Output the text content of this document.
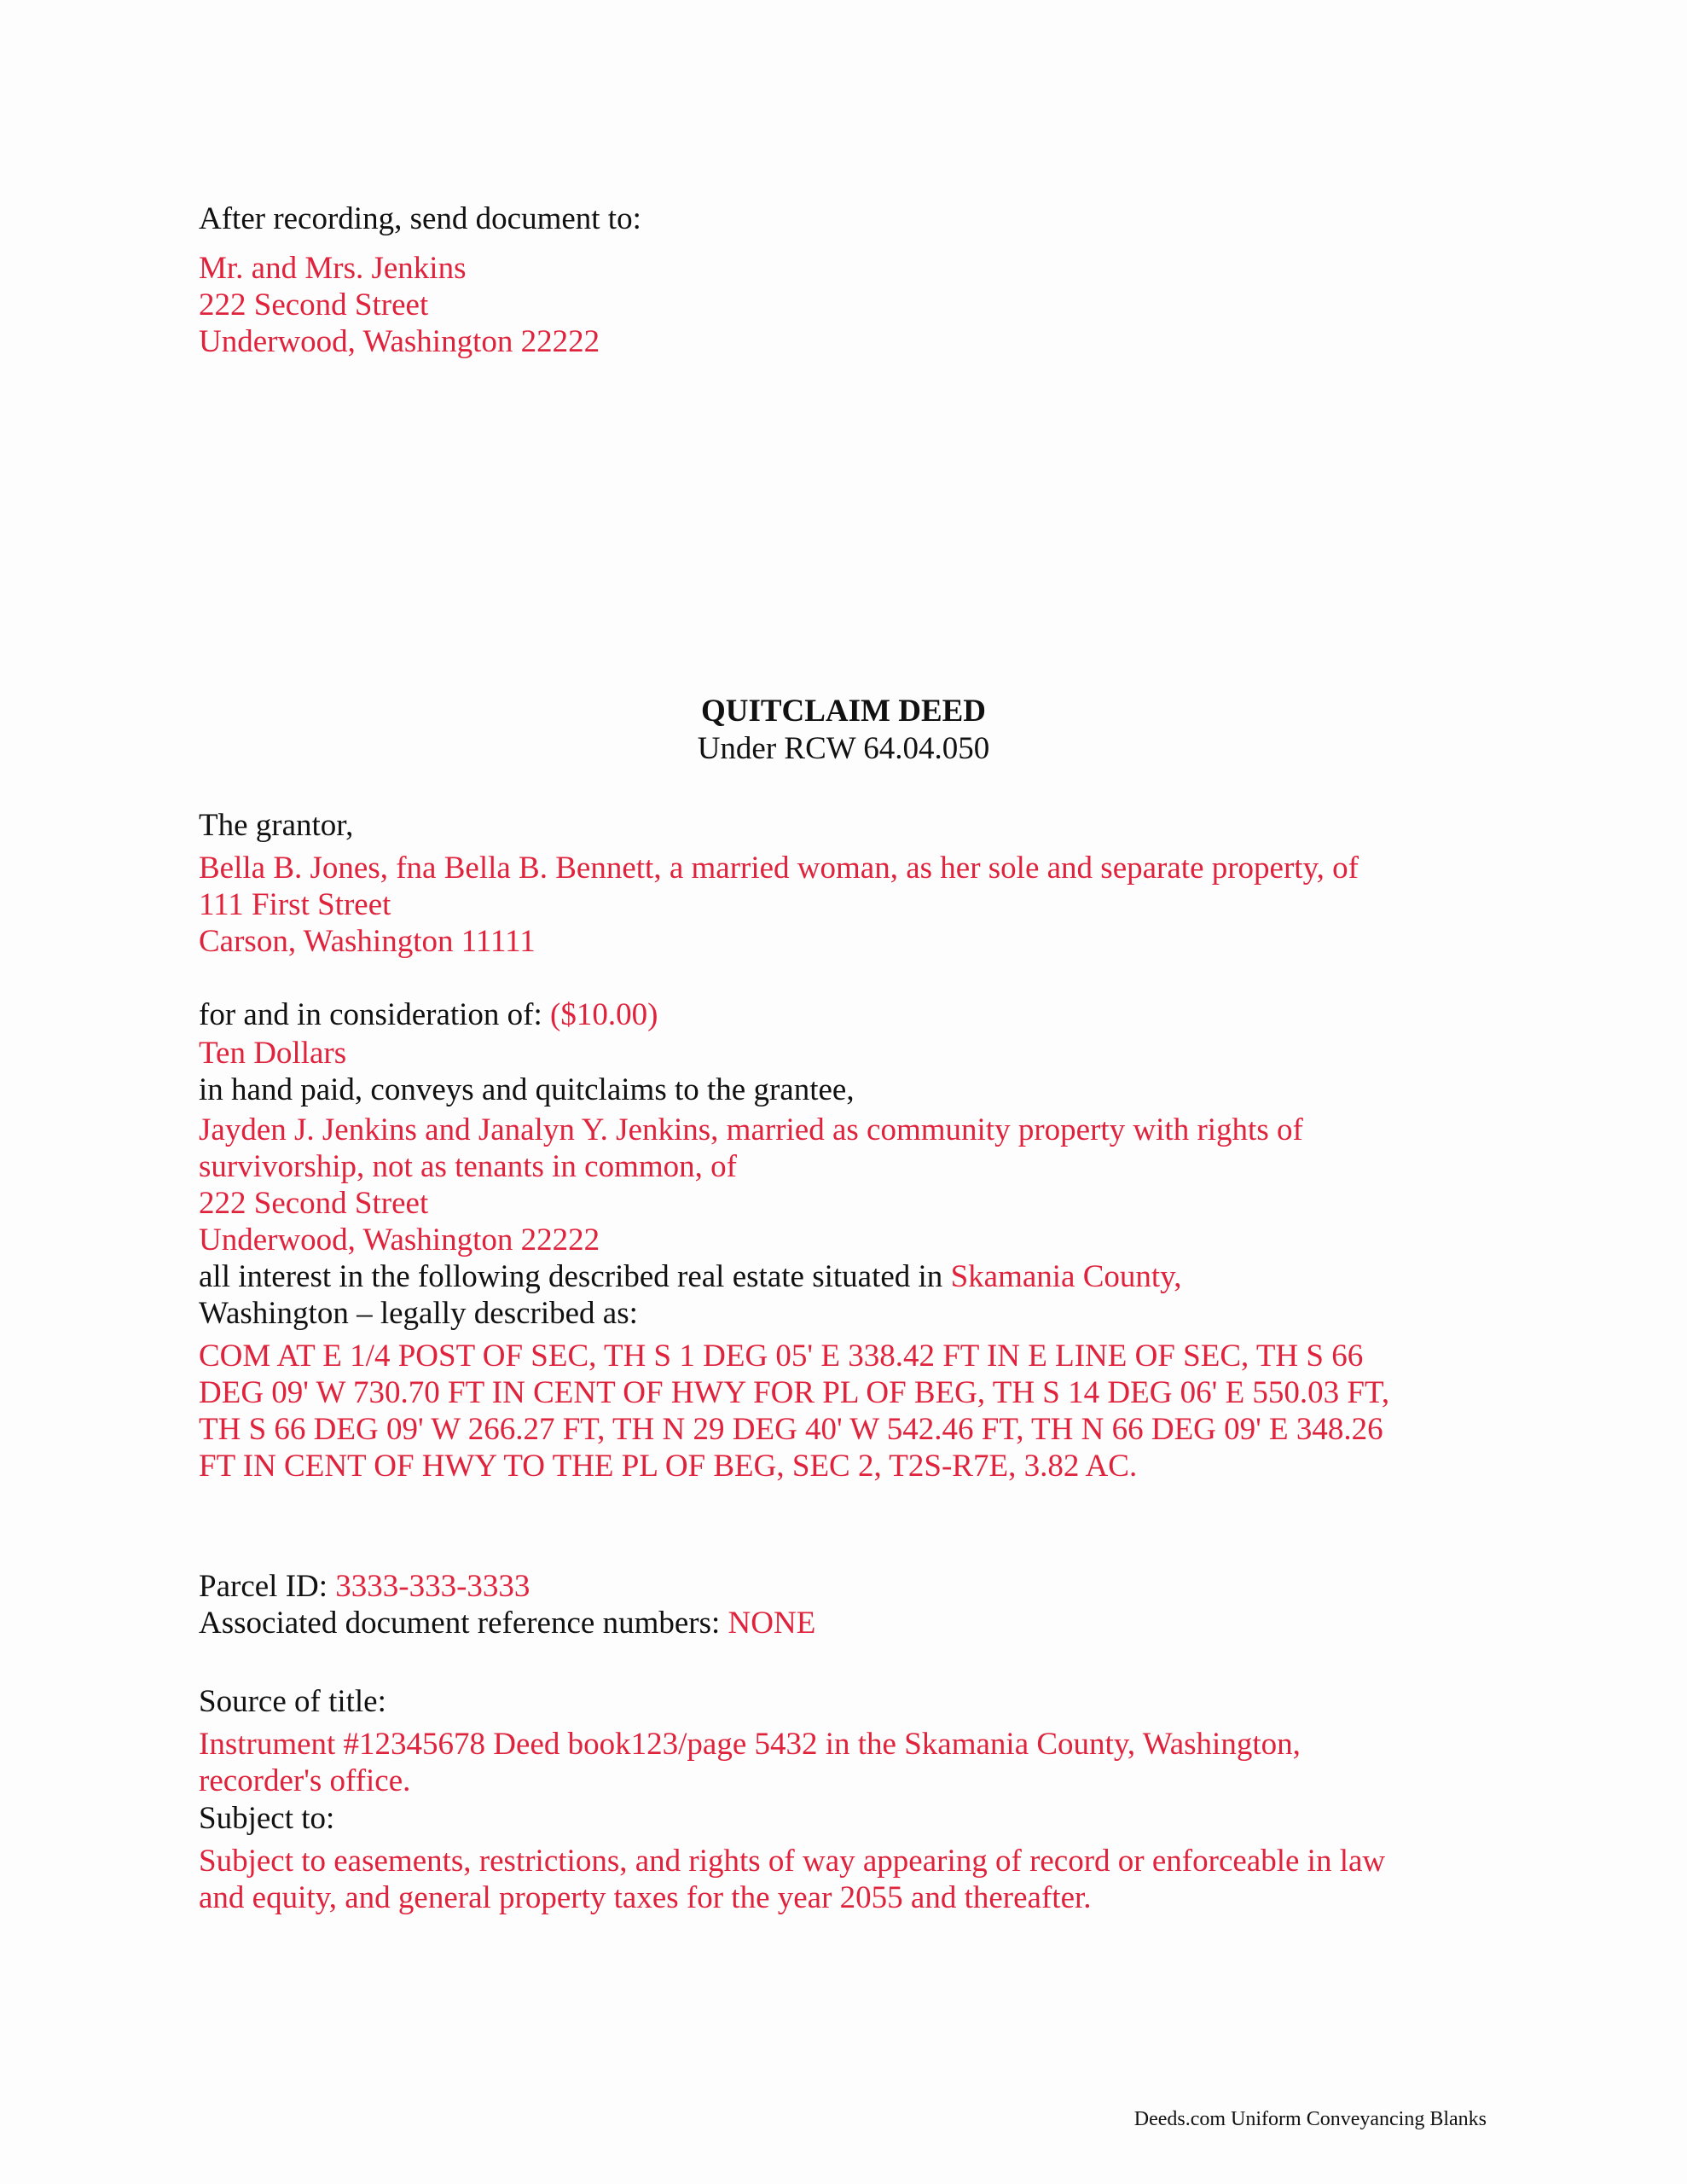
After recording, send document to:
Mr. and Mrs. Jenkins
222 Second Street
Underwood, Washington 22222
QUITCLAIM DEED
Under RCW 64.04.050
The grantor,
Bella B. Jones, fna Bella B. Bennett, a married woman, as her sole and separate property, of
111 First Street
Carson, Washington 11111
for and in consideration of: ($10.00)
Ten Dollars
in hand paid, conveys and quitclaims to the grantee,
Jayden J. Jenkins and Janalyn Y. Jenkins, married as community property with rights of
survivorship, not as tenants in common, of
222 Second Street
Underwood, Washington 22222
all interest in the following described real estate situated in Skamania County,
Washington – legally described as:
COM AT E 1/4 POST OF SEC, TH S 1 DEG 05' E 338.42 FT IN E LINE OF SEC, TH S 66
DEG 09' W 730.70 FT IN CENT OF HWY FOR PL OF BEG, TH S 14 DEG 06' E 550.03 FT,
TH S 66 DEG 09' W 266.27 FT, TH N 29 DEG 40' W 542.46 FT, TH N 66 DEG 09' E 348.26
FT IN CENT OF HWY TO THE PL OF BEG, SEC 2, T2S-R7E, 3.82 AC.
Parcel ID: 3333-333-3333
Associated document reference numbers: NONE
Source of title:
Instrument #12345678 Deed book123/page 5432 in the Skamania County, Washington,
recorder's office.
Subject to:
Subject to easements, restrictions, and rights of way appearing of record or enforceable in law
and equity, and general property taxes for the year 2055 and thereafter.
Deeds.com Uniform Conveyancing Blanks
